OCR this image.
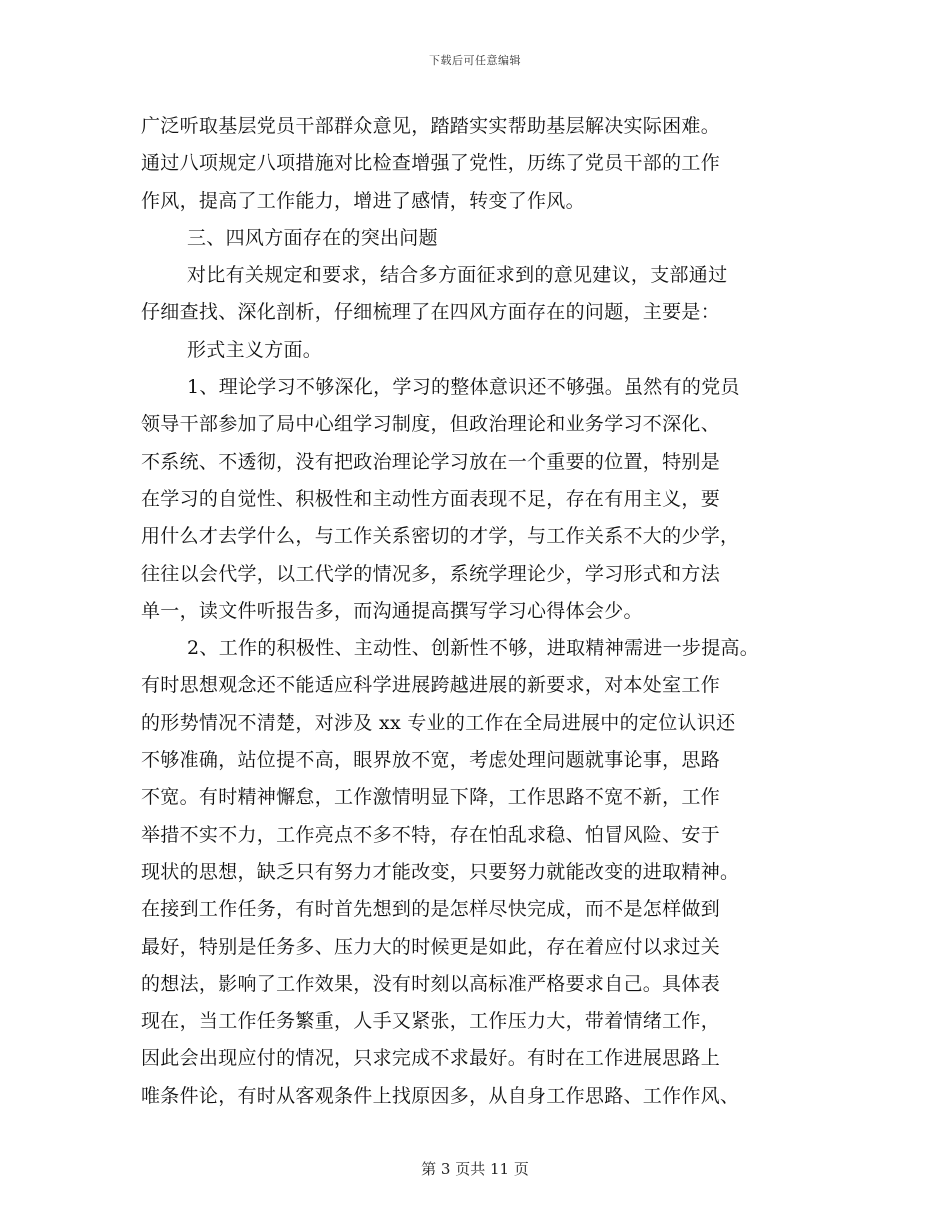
下载后可任意编辑
广泛听取基层党员干部群众意见，踏踏实实帮助基层解决实际困难。
通过八项规定八项措施对比检查增强了党性，历练了党员干部的工作
作风，提高了工作能力，增进了感情，转变了作风。
三、四风方面存在的突出问题
对比有关规定和要求，结合多方面征求到的意见建议，支部通过
仔细查找、深化剖析，仔细梳理了在四风方面存在的问题，主要是：
形式主义方面。
1、理论学习不够深化，学习的整体意识还不够强。虽然有的党员
领导干部参加了局中心组学习制度，但政治理论和业务学习不深化、
不系统、不透彻，没有把政治理论学习放在一个重要的位置，特别是
在学习的自觉性、积极性和主动性方面表现不足，存在有用主义，要
用什么才去学什么，与工作关系密切的才学，与工作关系不大的少学，
往往以会代学，以工代学的情况多，系统学理论少，学习形式和方法
单一，读文件听报告多，而沟通提高撰写学习心得体会少。
2、工作的积极性、主动性、创新性不够，进取精神需进一步提高。
有时思想观念还不能适应科学进展跨越进展的新要求，对本处室工作
的形势情况不清楚，对涉及 xx 专业的工作在全局进展中的定位认识还
不够准确，站位提不高，眼界放不宽，考虑处理问题就事论事，思路
不宽。有时精神懈怠，工作激情明显下降，工作思路不宽不新，工作
举措不实不力，工作亮点不多不特，存在怕乱求稳、怕冒风险、安于
现状的思想，缺乏只有努力才能改变，只要努力就能改变的进取精神。
在接到工作任务，有时首先想到的是怎样尽快完成，而不是怎样做到
最好，特别是任务多、压力大的时候更是如此，存在着应付以求过关
的想法，影响了工作效果，没有时刻以高标准严格要求自己。具体表
现在，当工作任务繁重，人手又紧张，工作压力大，带着情绪工作，
因此会出现应付的情况，只求完成不求最好。有时在工作进展思路上
唯条件论，有时从客观条件上找原因多，从自身工作思路、工作作风、
第 3 页共 11 页
